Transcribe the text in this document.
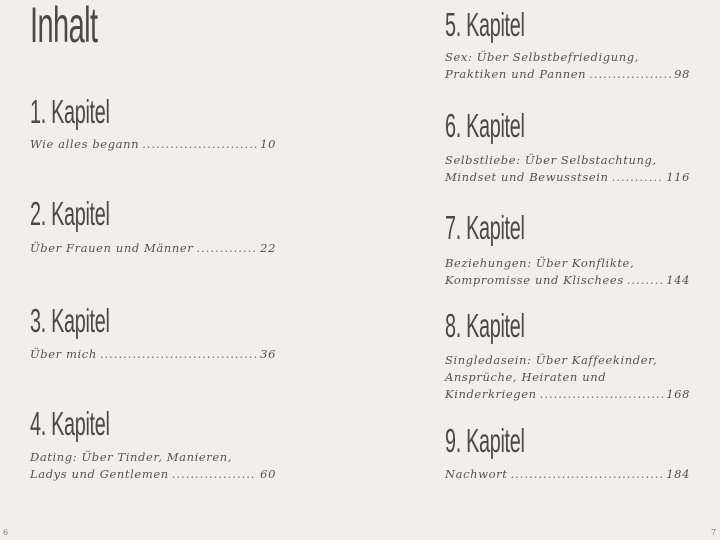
Inhalt
1. Kapitel
Wie alles begann .....	10
2. Kapitel
Über Frauen und Männer .....	22
3. Kapitel
Über mich .....	36
4. Kapitel
Dating: Über Tinder, Manieren,
Ladys und Gentlemen .....	60
5. Kapitel
Sex: Über Selbstbefriedigung,
Praktiken und Pannen .....	98
6. Kapitel
Selbstliebe: Über Selbstachtung,
Mindset und Bewusstsein .....	116
7. Kapitel
Beziehungen: Über Konflikte,
Kompromisse und Klischees .....	144
8. Kapitel
Singledasein: Über Kaffeekinder,
Ansprüche, Heiraten und
Kinderkriegen .....	168
9. Kapitel
Nachwort .....	184
6	7
